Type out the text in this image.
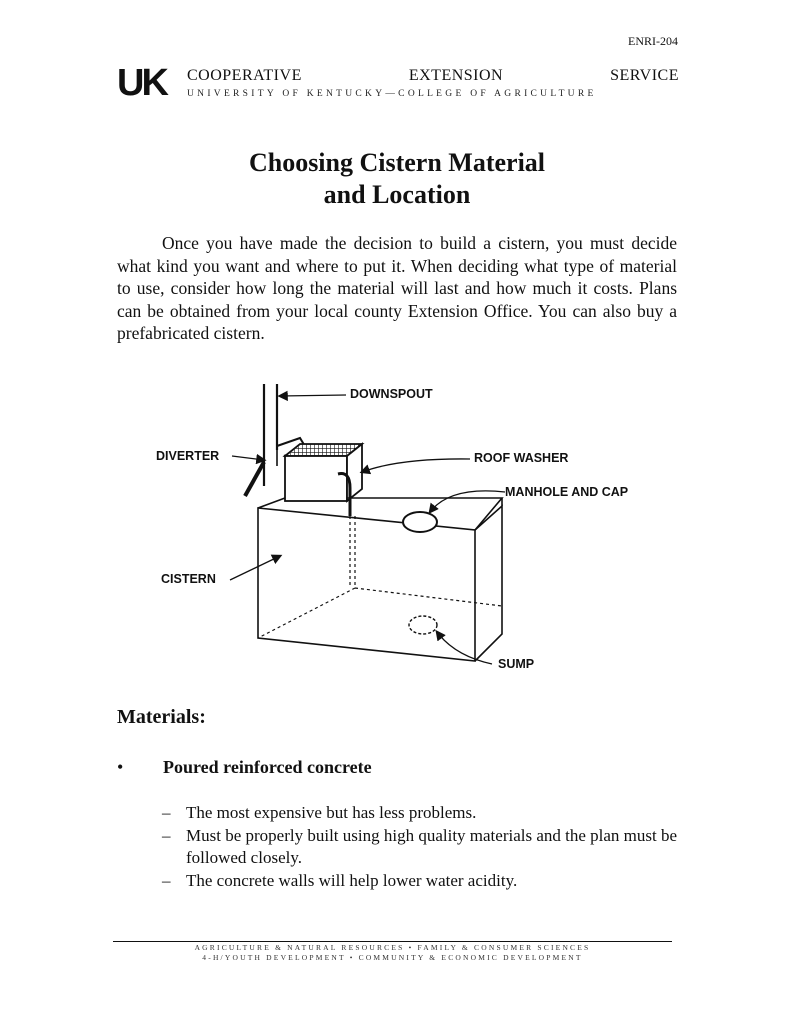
ENRI-204
UK COOPERATIVE EXTENSION SERVICE
UNIVERSITY OF KENTUCKY—COLLEGE OF AGRICULTURE
Choosing Cistern Material
and Location

Once you have made the decision to build a cistern, you must decide what kind you want and where to put it. When deciding what type of material to use, consider how long the material will last and how much it costs. Plans can be obtained from your local county Extension Office. You can also buy a prefabricated cistern.

DOWNSPOUT
DIVERTER	ROOF WASHER
MANHOLE AND CAP
CISTERN
SUMP
Materials:
• Poured reinforced concrete
– The most expensive but has less problems.
– Must be properly built using high quality materials and the plan must be followed closely.
– The concrete walls will help lower water acidity.
AGRICULTURE & NATURAL RESOURCES • FAMILY & CONSUMER SCIENCES
4-H/YOUTH DEVELOPMENT • COMMUNITY & ECONOMIC DEVELOPMENT
